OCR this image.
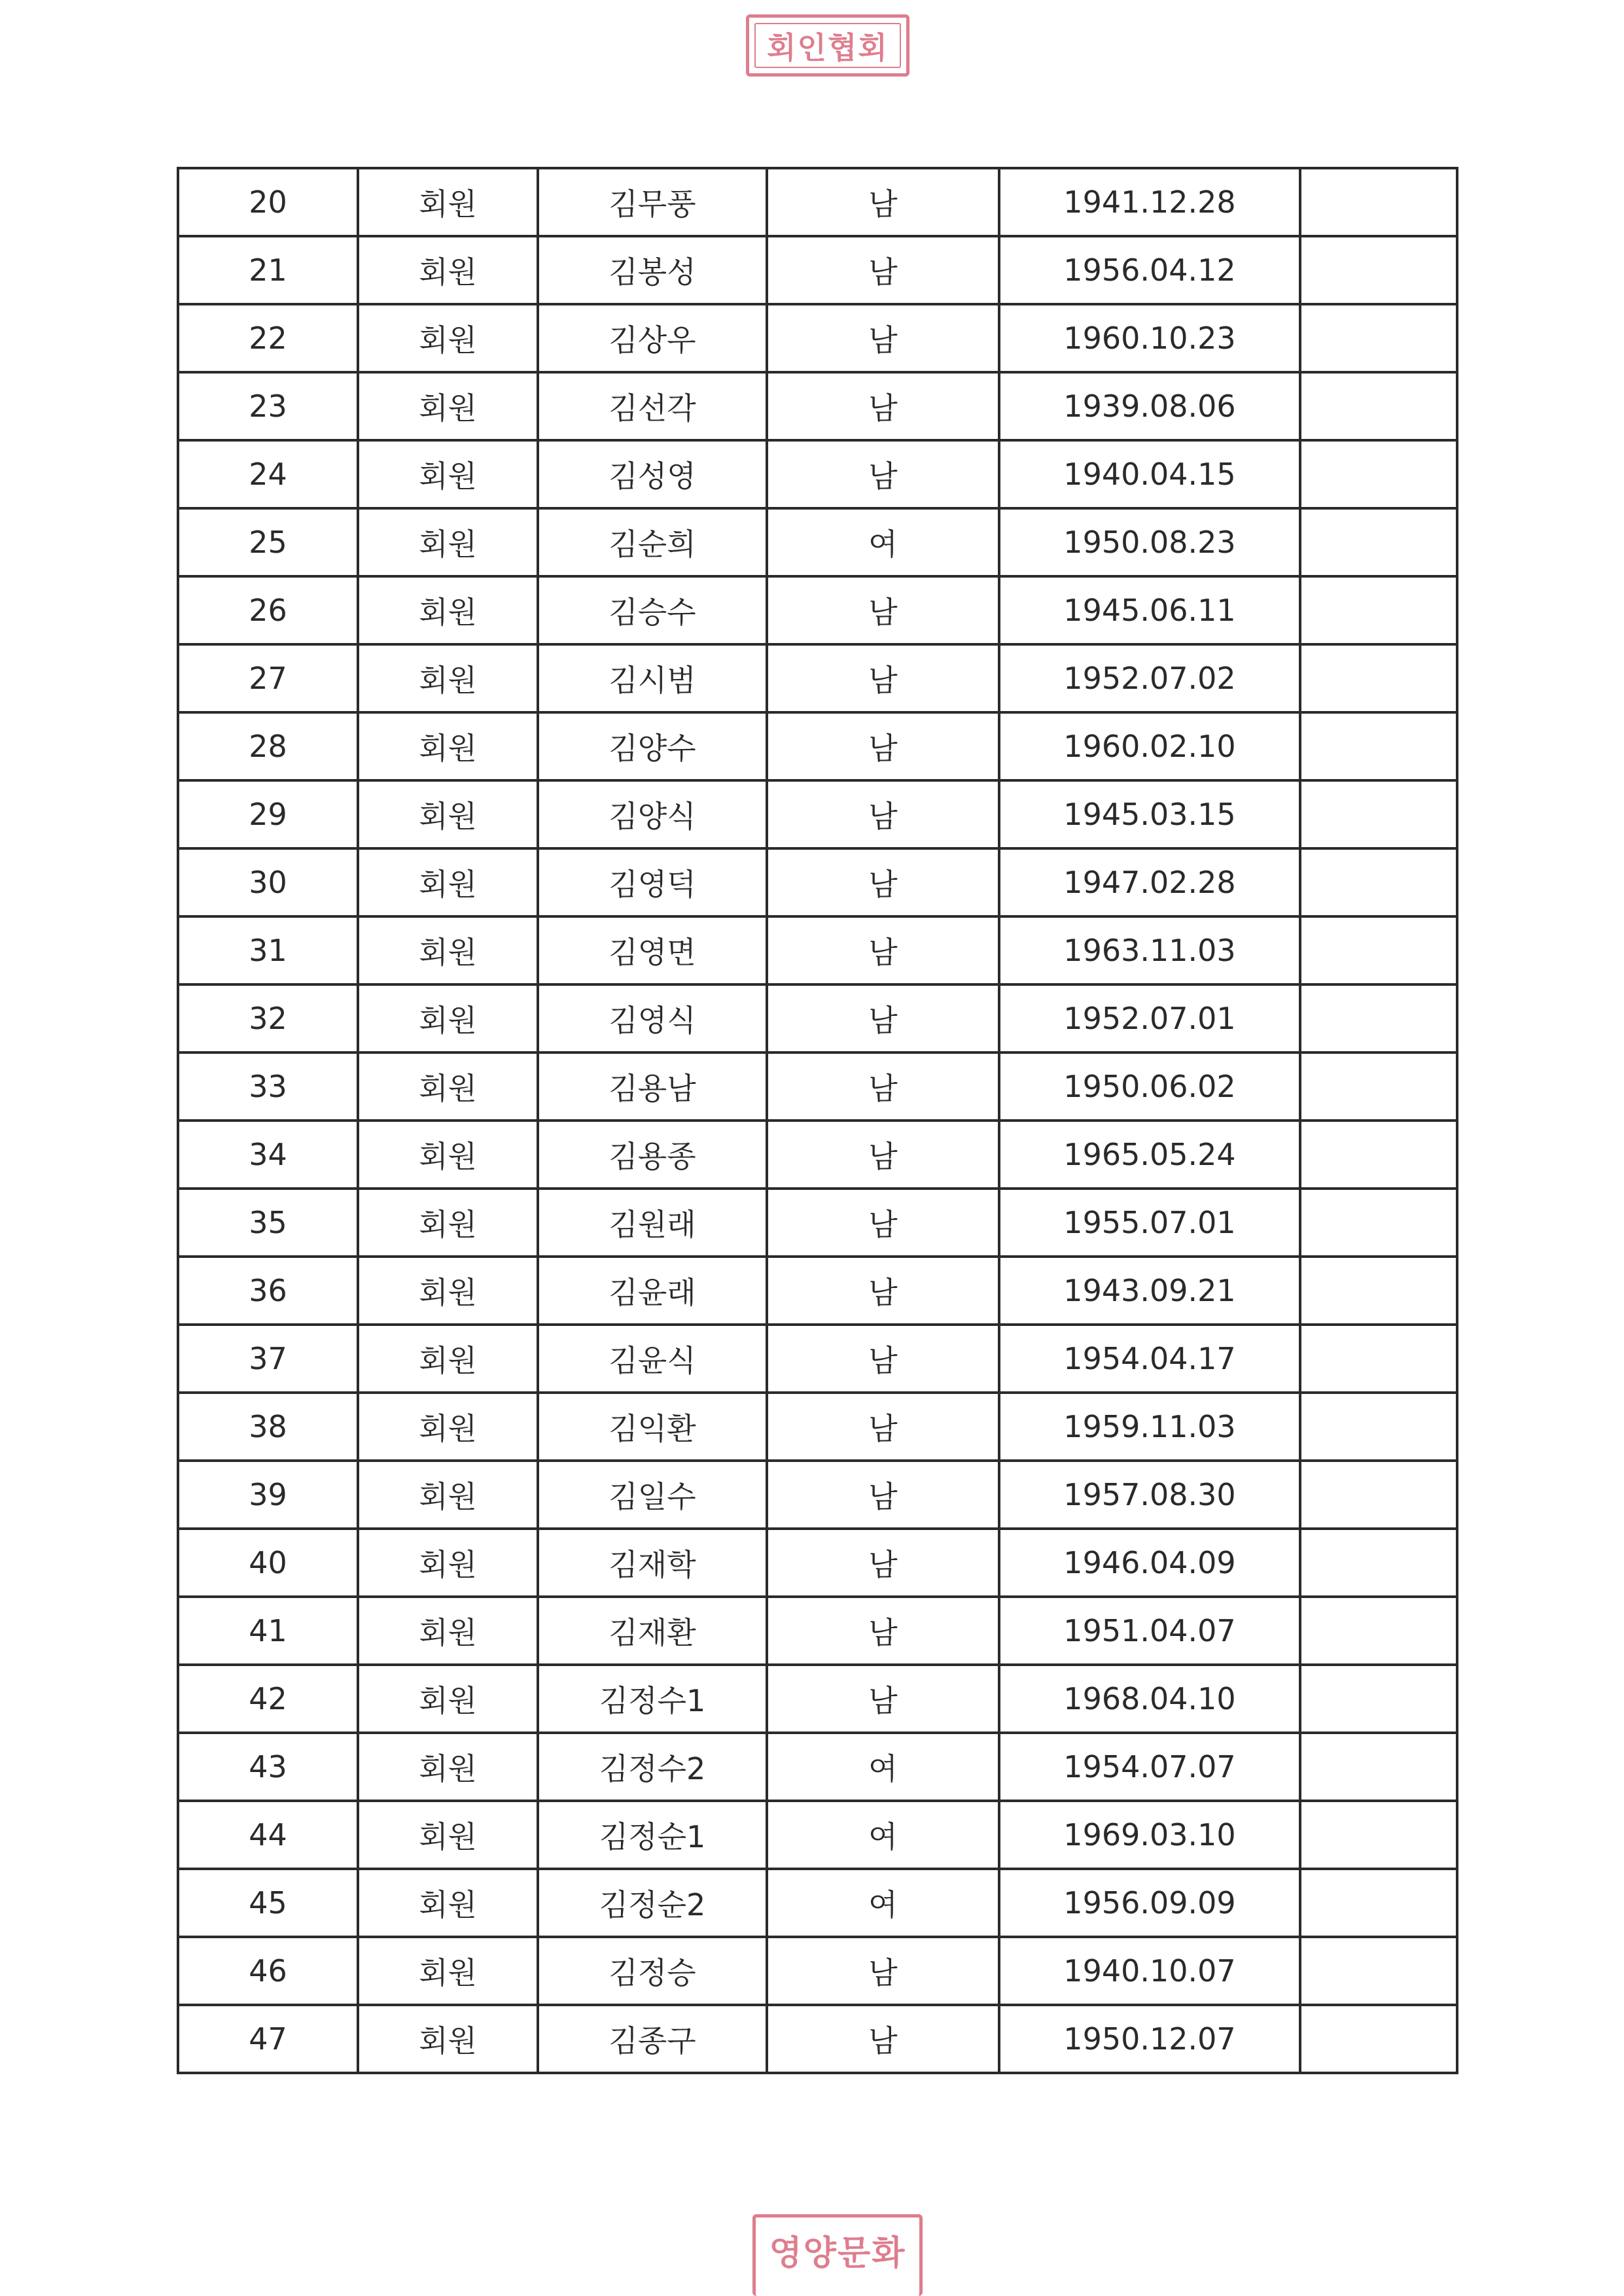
회인협회
20	회원	김무풍	남	1941.12.28	
21	회원	김봉성	남	1956.04.12	
22	회원	김상우	남	1960.10.23	
23	회원	김선각	남	1939.08.06	
24	회원	김성영	남	1940.04.15	
25	회원	김순희	여	1950.08.23	
26	회원	김승수	남	1945.06.11	
27	회원	김시범	남	1952.07.02	
28	회원	김양수	남	1960.02.10	
29	회원	김양식	남	1945.03.15	
30	회원	김영덕	남	1947.02.28	
31	회원	김영면	남	1963.11.03	
32	회원	김영식	남	1952.07.01	
33	회원	김용남	남	1950.06.02	
34	회원	김용종	남	1965.05.24	
35	회원	김원래	남	1955.07.01	
36	회원	김윤래	남	1943.09.21	
37	회원	김윤식	남	1954.04.17	
38	회원	김익환	남	1959.11.03	
39	회원	김일수	남	1957.08.30	
40	회원	김재학	남	1946.04.09	
41	회원	김재환	남	1951.04.07	
42	회원	김정수1	남	1968.04.10	
43	회원	김정수2	여	1954.07.07	
44	회원	김정순1	여	1969.03.10	
45	회원	김정순2	여	1956.09.09	
46	회원	김정승	남	1940.10.07	
47	회원	김종구	남	1950.12.07	
영양문화
